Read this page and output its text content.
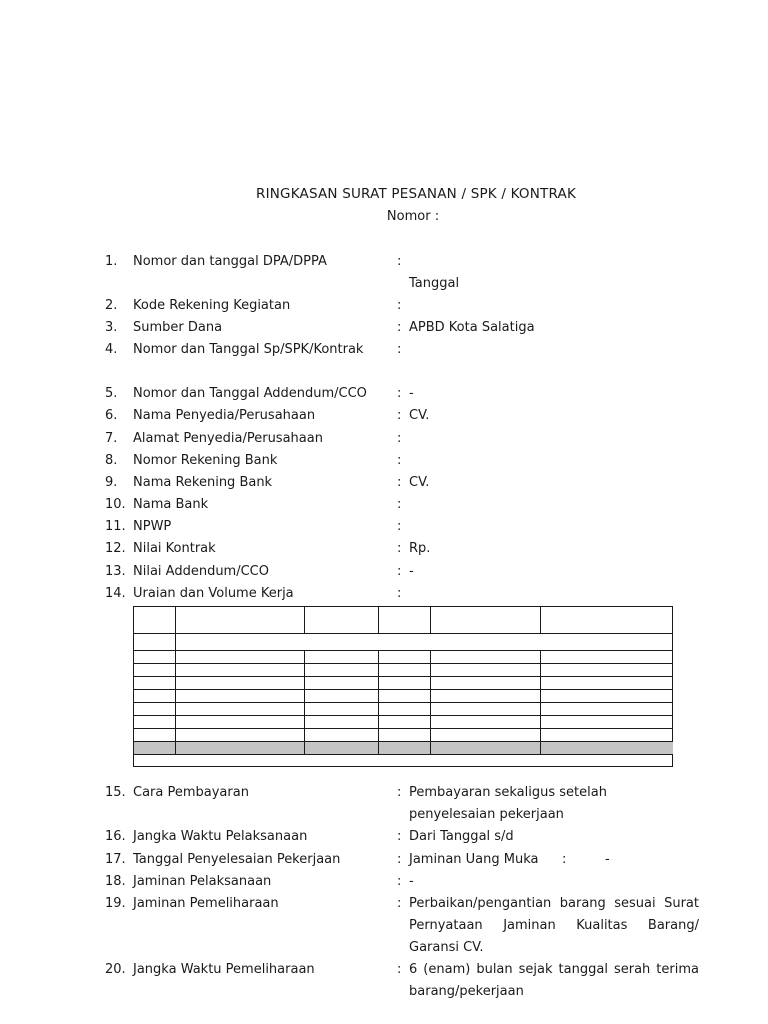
RINGKASAN SURAT PESANAN / SPK / KONTRAK
Nomor :
1. Nomor dan tanggal DPA/DPPA	:
Tanggal
2. Kode Rekening Kegiatan	:
3. Sumber Dana	: APBD Kota Salatiga
4. Nomor dan Tanggal Sp/SPK/Kontrak	:
5. Nomor dan Tanggal Addendum/CCO : -
6. Nama Penyedia/Perusahaan	: CV.
7. Alamat Penyedia/Perusahaan	:
8. Nomor Rekening Bank	:
9. Nama Rekening Bank	: CV.
10. Nama Bank	:
11. NPWP	:
12. Nilai Kontrak	: Rp.
13. Nilai Addendum/CCO	: -
14. Uraian dan Volume Kerja	:
15. Cara Pembayaran	: Pembayaran sekaligus setelah
penyelesaian pekerjaan
16. Jangka Waktu Pelaksanaan	: Dari Tanggal s/d
17. Tanggal Penyelesaian Pekerjaan	: Jaminan Uang Muka :	-
18. Jaminan Pelaksanaan	: -
19. Jaminan Pemeliharaan	: Perbaikan/pengantian barang sesuai Surat
Pernyataan Jaminan Kualitas Barang/
Garansi CV.
20. Jangka Waktu Pemeliharaan	: 6 (enam) bulan sejak tanggal serah terima
barang/pekerjaan
